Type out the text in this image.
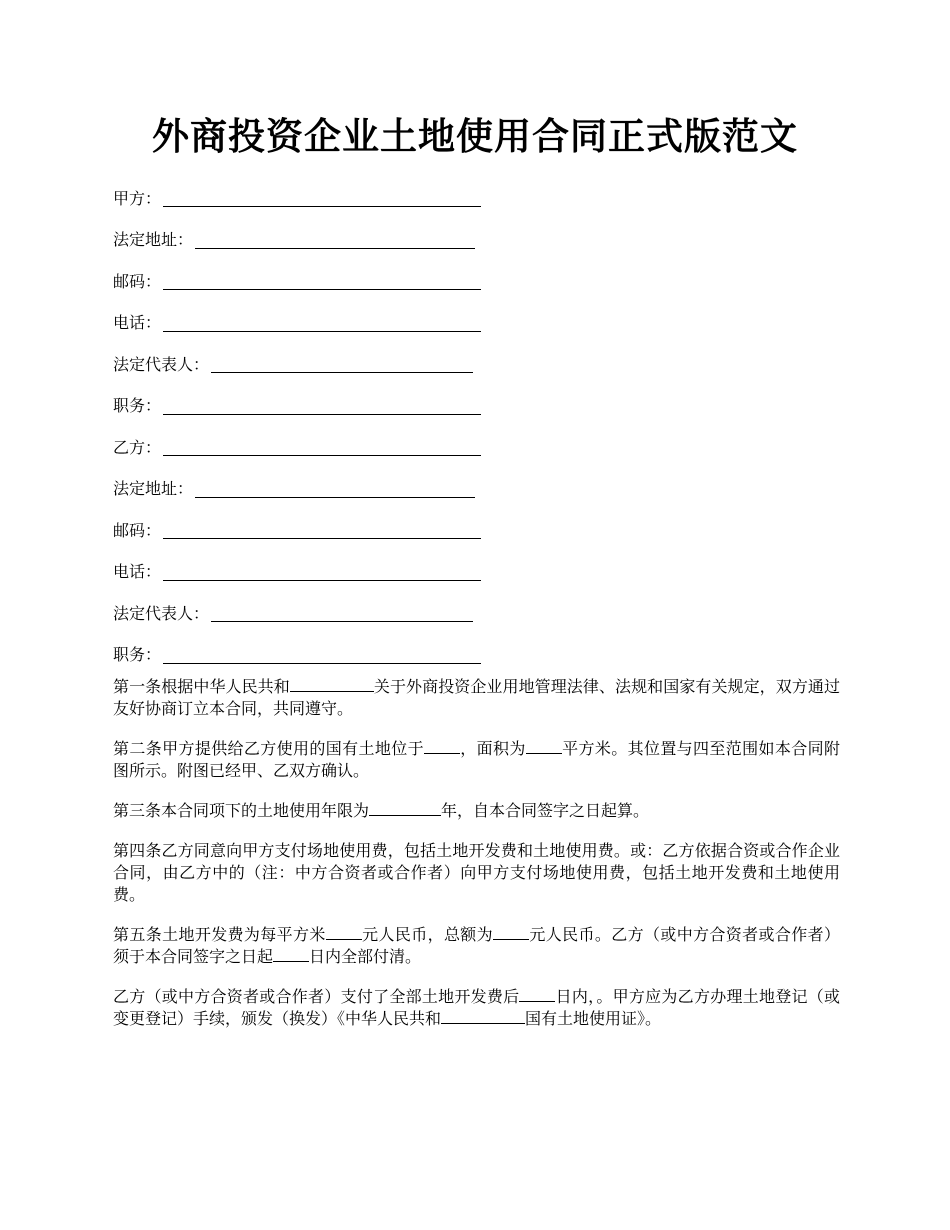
外商投资企业土地使用合同正式版范文
甲方：
法定地址：
邮码：
电话：
法定代表人：
职务：
乙方：
法定地址：
邮码：
电话：
法定代表人：
职务：

第一条根据中华人民共和	关于外商投资企业用地管理法律、法规和国家有关规定，双方通过友好协商订立本合同，共同遵守。

第二条甲方提供给乙方使用的国有土地位于 ，面积为 平方米。其位置与四至范围如本合同附图所示。附图已经甲、乙双方确认。

第三条本合同项下的土地使用年限为	年，自本合同签字之日起算。

第四条乙方同意向甲方支付场地使用费，包括土地开发费和土地使用费。或：乙方依据合资或合作企业合同，由乙方中的（注：中方合资者或合作者）向甲方支付场地使用费，包括土地开发费和土地使用费。

第五条土地开发费为每平方米 元人民币，总额为 元人民币。乙方（或中方合资者或合作者）须于本合同签字之日起 日内全部付清。

乙方（或中方合资者或合作者）支付了全部土地开发费后 日内，。甲方应为乙方办理土地登记（或变更登记）手续，颁发（换发）《中华人民共和	国有土地使用证》。
